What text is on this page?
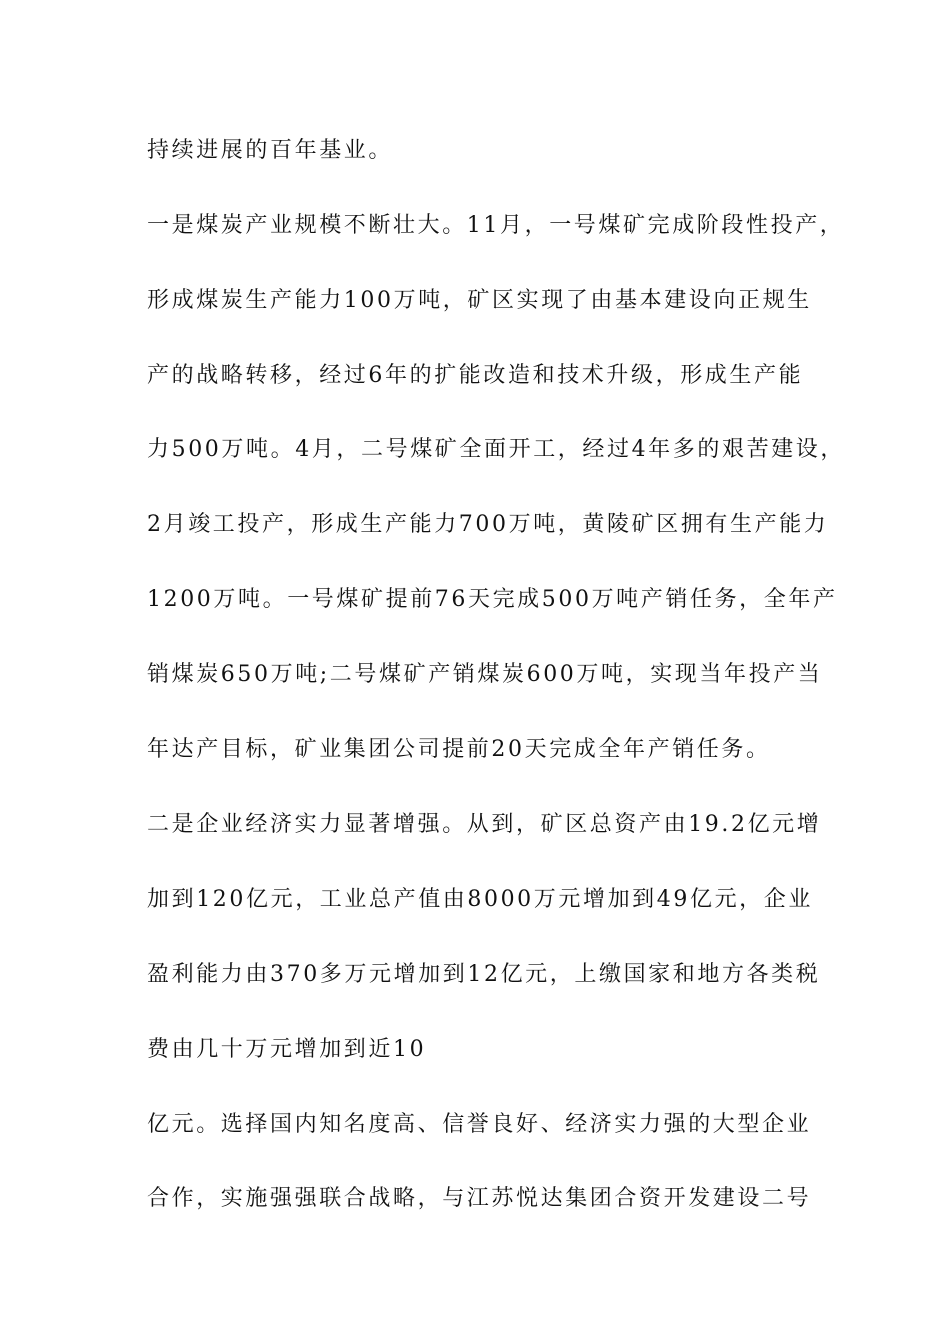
持续进展的百年基业。
一是煤炭产业规模不断壮大。11月，一号煤矿完成阶段性投产，
形成煤炭生产能力100万吨，矿区实现了由基本建设向正规生
产的战略转移，经过6年的扩能改造和技术升级，形成生产能
力500万吨。4月，二号煤矿全面开工，经过4年多的艰苦建设，
2月竣工投产，形成生产能力700万吨，黄陵矿区拥有生产能力
1200万吨。一号煤矿提前76天完成500万吨产销任务，全年产
销煤炭650万吨;二号煤矿产销煤炭600万吨，实现当年投产当
年达产目标，矿业集团公司提前20天完成全年产销任务。
二是企业经济实力显著增强。从到，矿区总资产由19.2亿元增
加到120亿元，工业总产值由8000万元增加到49亿元，企业
盈利能力由370多万元增加到12亿元，上缴国家和地方各类税
费由几十万元增加到近10
亿元。选择国内知名度高、信誉良好、经济实力强的大型企业
合作，实施强强联合战略，与江苏悦达集团合资开发建设二号
